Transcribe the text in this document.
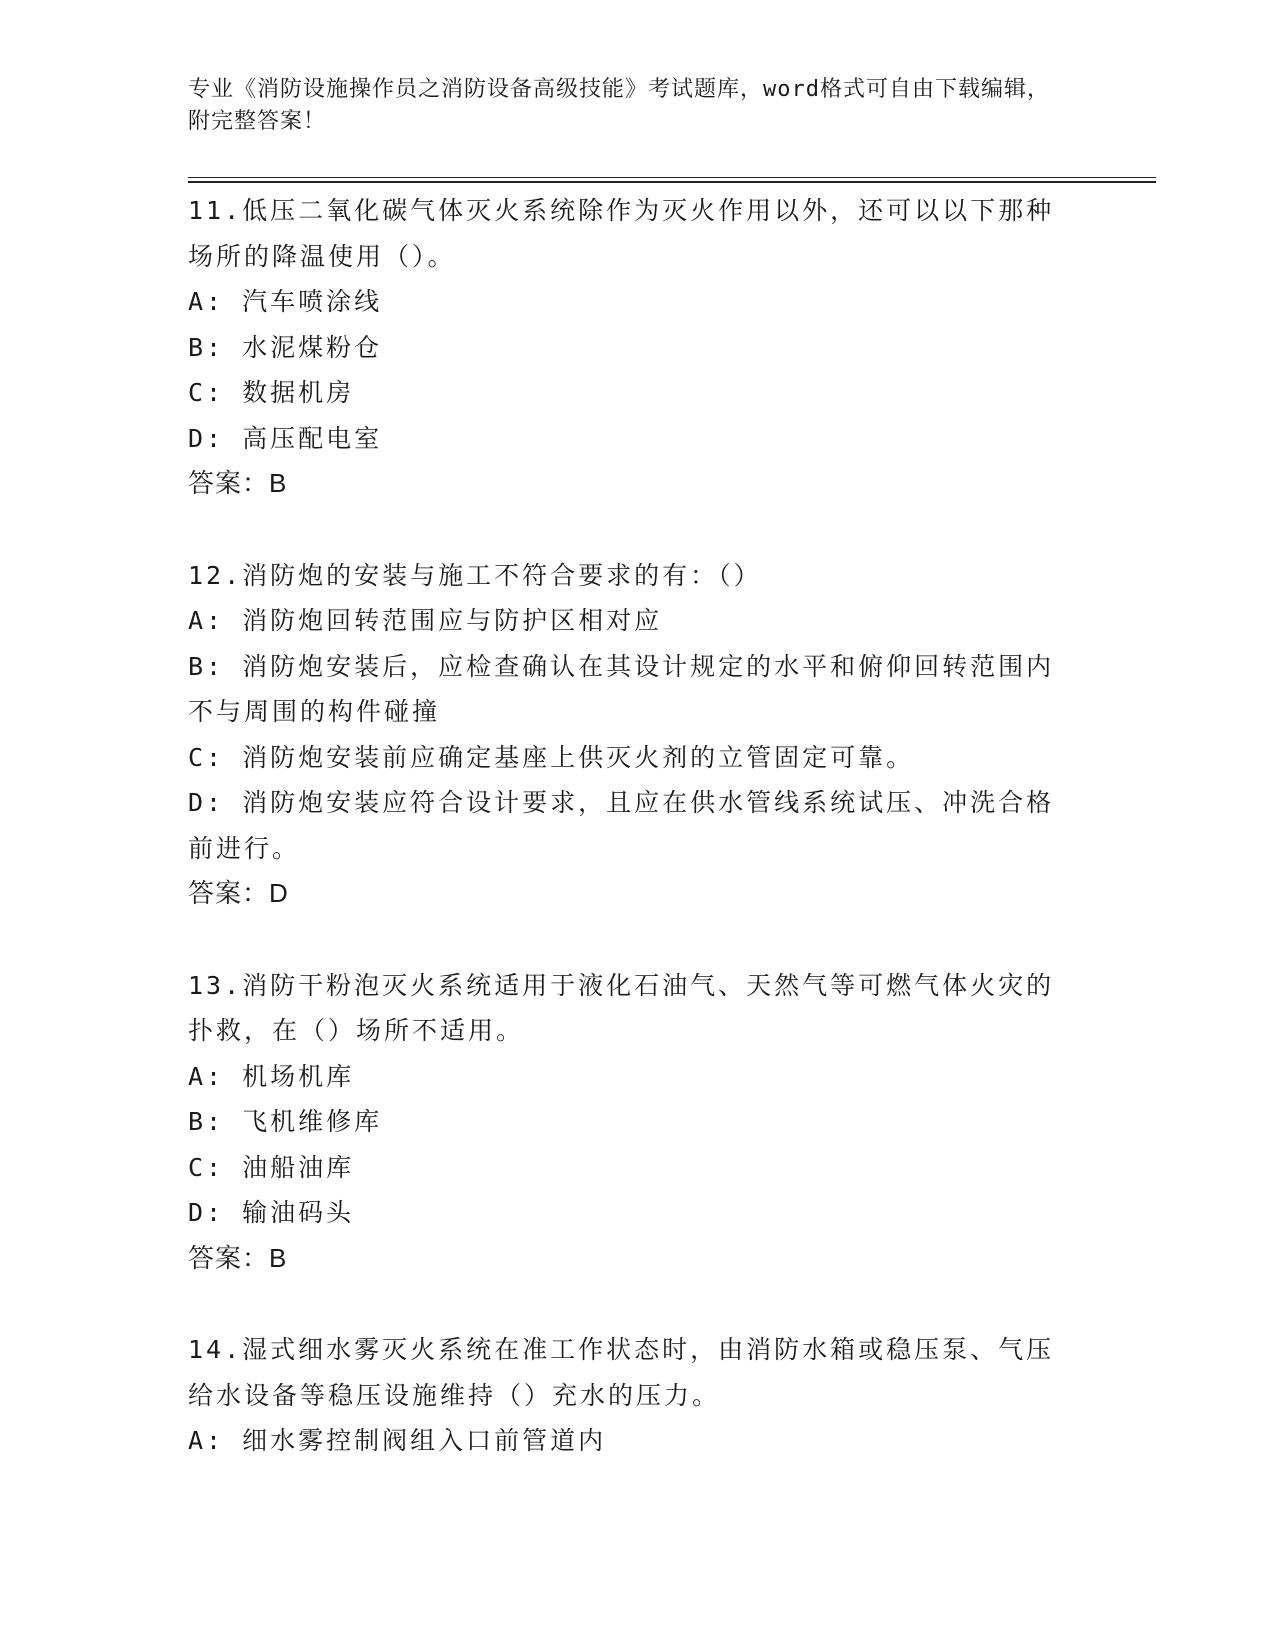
专业《消防设施操作员之消防设备高级技能》考试题库，word格式可自由下载编辑，附完整答案！
11.低压二氧化碳气体灭火系统除作为灭火作用以外，还可以以下那种场所的降温使用（）。
A: 汽车喷涂线
B: 水泥煤粉仓
C: 数据机房
D: 高压配电室
答案：B
12.消防炮的安装与施工不符合要求的有：（）
A: 消防炮回转范围应与防护区相对应
B: 消防炮安装后，应检查确认在其设计规定的水平和俯仰回转范围内不与周围的构件碰撞
C: 消防炮安装前应确定基座上供灭火剂的立管固定可靠。
D: 消防炮安装应符合设计要求，且应在供水管线系统试压、冲洗合格前进行。
答案：D
13.消防干粉泡灭火系统适用于液化石油气、天然气等可燃气体火灾的扑救，在（）场所不适用。
A: 机场机库
B: 飞机维修库
C: 油船油库
D: 输油码头
答案：B
14.湿式细水雾灭火系统在准工作状态时，由消防水箱或稳压泵、气压给水设备等稳压设施维持（）充水的压力。
A: 细水雾控制阀组入口前管道内
